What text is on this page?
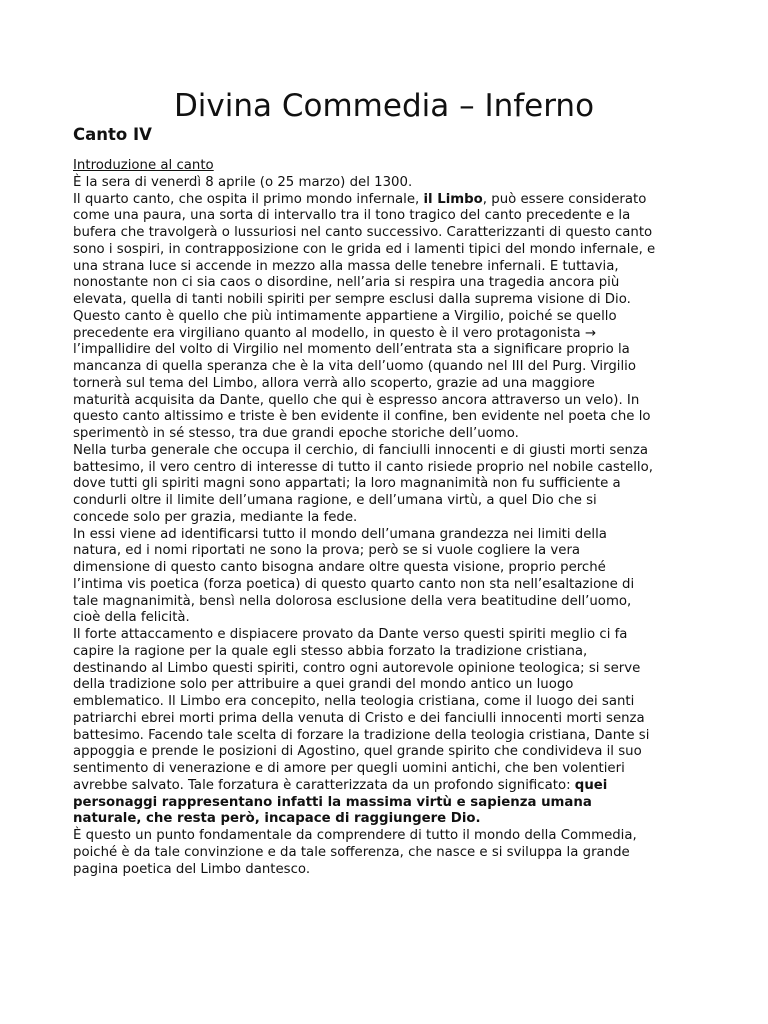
Divina Commedia – Inferno
Canto IV
Introduzione al canto
È la sera di venerdì 8 aprile (o 25 marzo) del 1300.
Il quarto canto, che ospita il primo mondo infernale, il Limbo, può essere considerato
come una paura, una sorta di intervallo tra il tono tragico del canto precedente e la
bufera che travolgerà o lussuriosi nel canto successivo. Caratterizzanti di questo canto
sono i sospiri, in contrapposizione con le grida ed i lamenti tipici del mondo infernale, e
una strana luce si accende in mezzo alla massa delle tenebre infernali. E tuttavia,
nonostante non ci sia caos o disordine, nell’aria si respira una tragedia ancora più
elevata, quella di tanti nobili spiriti per sempre esclusi dalla suprema visione di Dio.
Questo canto è quello che più intimamente appartiene a Virgilio, poiché se quello
precedente era virgiliano quanto al modello, in questo è il vero protagonista →
l’impallidire del volto di Virgilio nel momento dell’entrata sta a significare proprio la
mancanza di quella speranza che è la vita dell’uomo (quando nel III del Purg. Virgilio
tornerà sul tema del Limbo, allora verrà allo scoperto, grazie ad una maggiore
maturità acquisita da Dante, quello che qui è espresso ancora attraverso un velo). In
questo canto altissimo e triste è ben evidente il confine, ben evidente nel poeta che lo
sperimentò in sé stesso, tra due grandi epoche storiche dell’uomo.
Nella turba generale che occupa il cerchio, di fanciulli innocenti e di giusti morti senza
battesimo, il vero centro di interesse di tutto il canto risiede proprio nel nobile castello,
dove tutti gli spiriti magni sono appartati; la loro magnanimità non fu sufficiente a
condurli oltre il limite dell’umana ragione, e dell’umana virtù, a quel Dio che si
concede solo per grazia, mediante la fede.
In essi viene ad identificarsi tutto il mondo dell’umana grandezza nei limiti della
natura, ed i nomi riportati ne sono la prova; però se si vuole cogliere la vera
dimensione di questo canto bisogna andare oltre questa visione, proprio perché
l’intima vis poetica (forza poetica) di questo quarto canto non sta nell’esaltazione di
tale magnanimità, bensì nella dolorosa esclusione della vera beatitudine dell’uomo,
cioè della felicità.
Il forte attaccamento e dispiacere provato da Dante verso questi spiriti meglio ci fa
capire la ragione per la quale egli stesso abbia forzato la tradizione cristiana,
destinando al Limbo questi spiriti, contro ogni autorevole opinione teologica; si serve
della tradizione solo per attribuire a quei grandi del mondo antico un luogo
emblematico. Il Limbo era concepito, nella teologia cristiana, come il luogo dei santi
patriarchi ebrei morti prima della venuta di Cristo e dei fanciulli innocenti morti senza
battesimo. Facendo tale scelta di forzare la tradizione della teologia cristiana, Dante si
appoggia e prende le posizioni di Agostino, quel grande spirito che condivideva il suo
sentimento di venerazione e di amore per quegli uomini antichi, che ben volentieri
avrebbe salvato. Tale forzatura è caratterizzata da un profondo significato: quei
personaggi rappresentano infatti la massima virtù e sapienza umana
naturale, che resta però, incapace di raggiungere Dio.
È questo un punto fondamentale da comprendere di tutto il mondo della Commedia,
poiché è da tale convinzione e da tale sofferenza, che nasce e si sviluppa la grande
pagina poetica del Limbo dantesco.
